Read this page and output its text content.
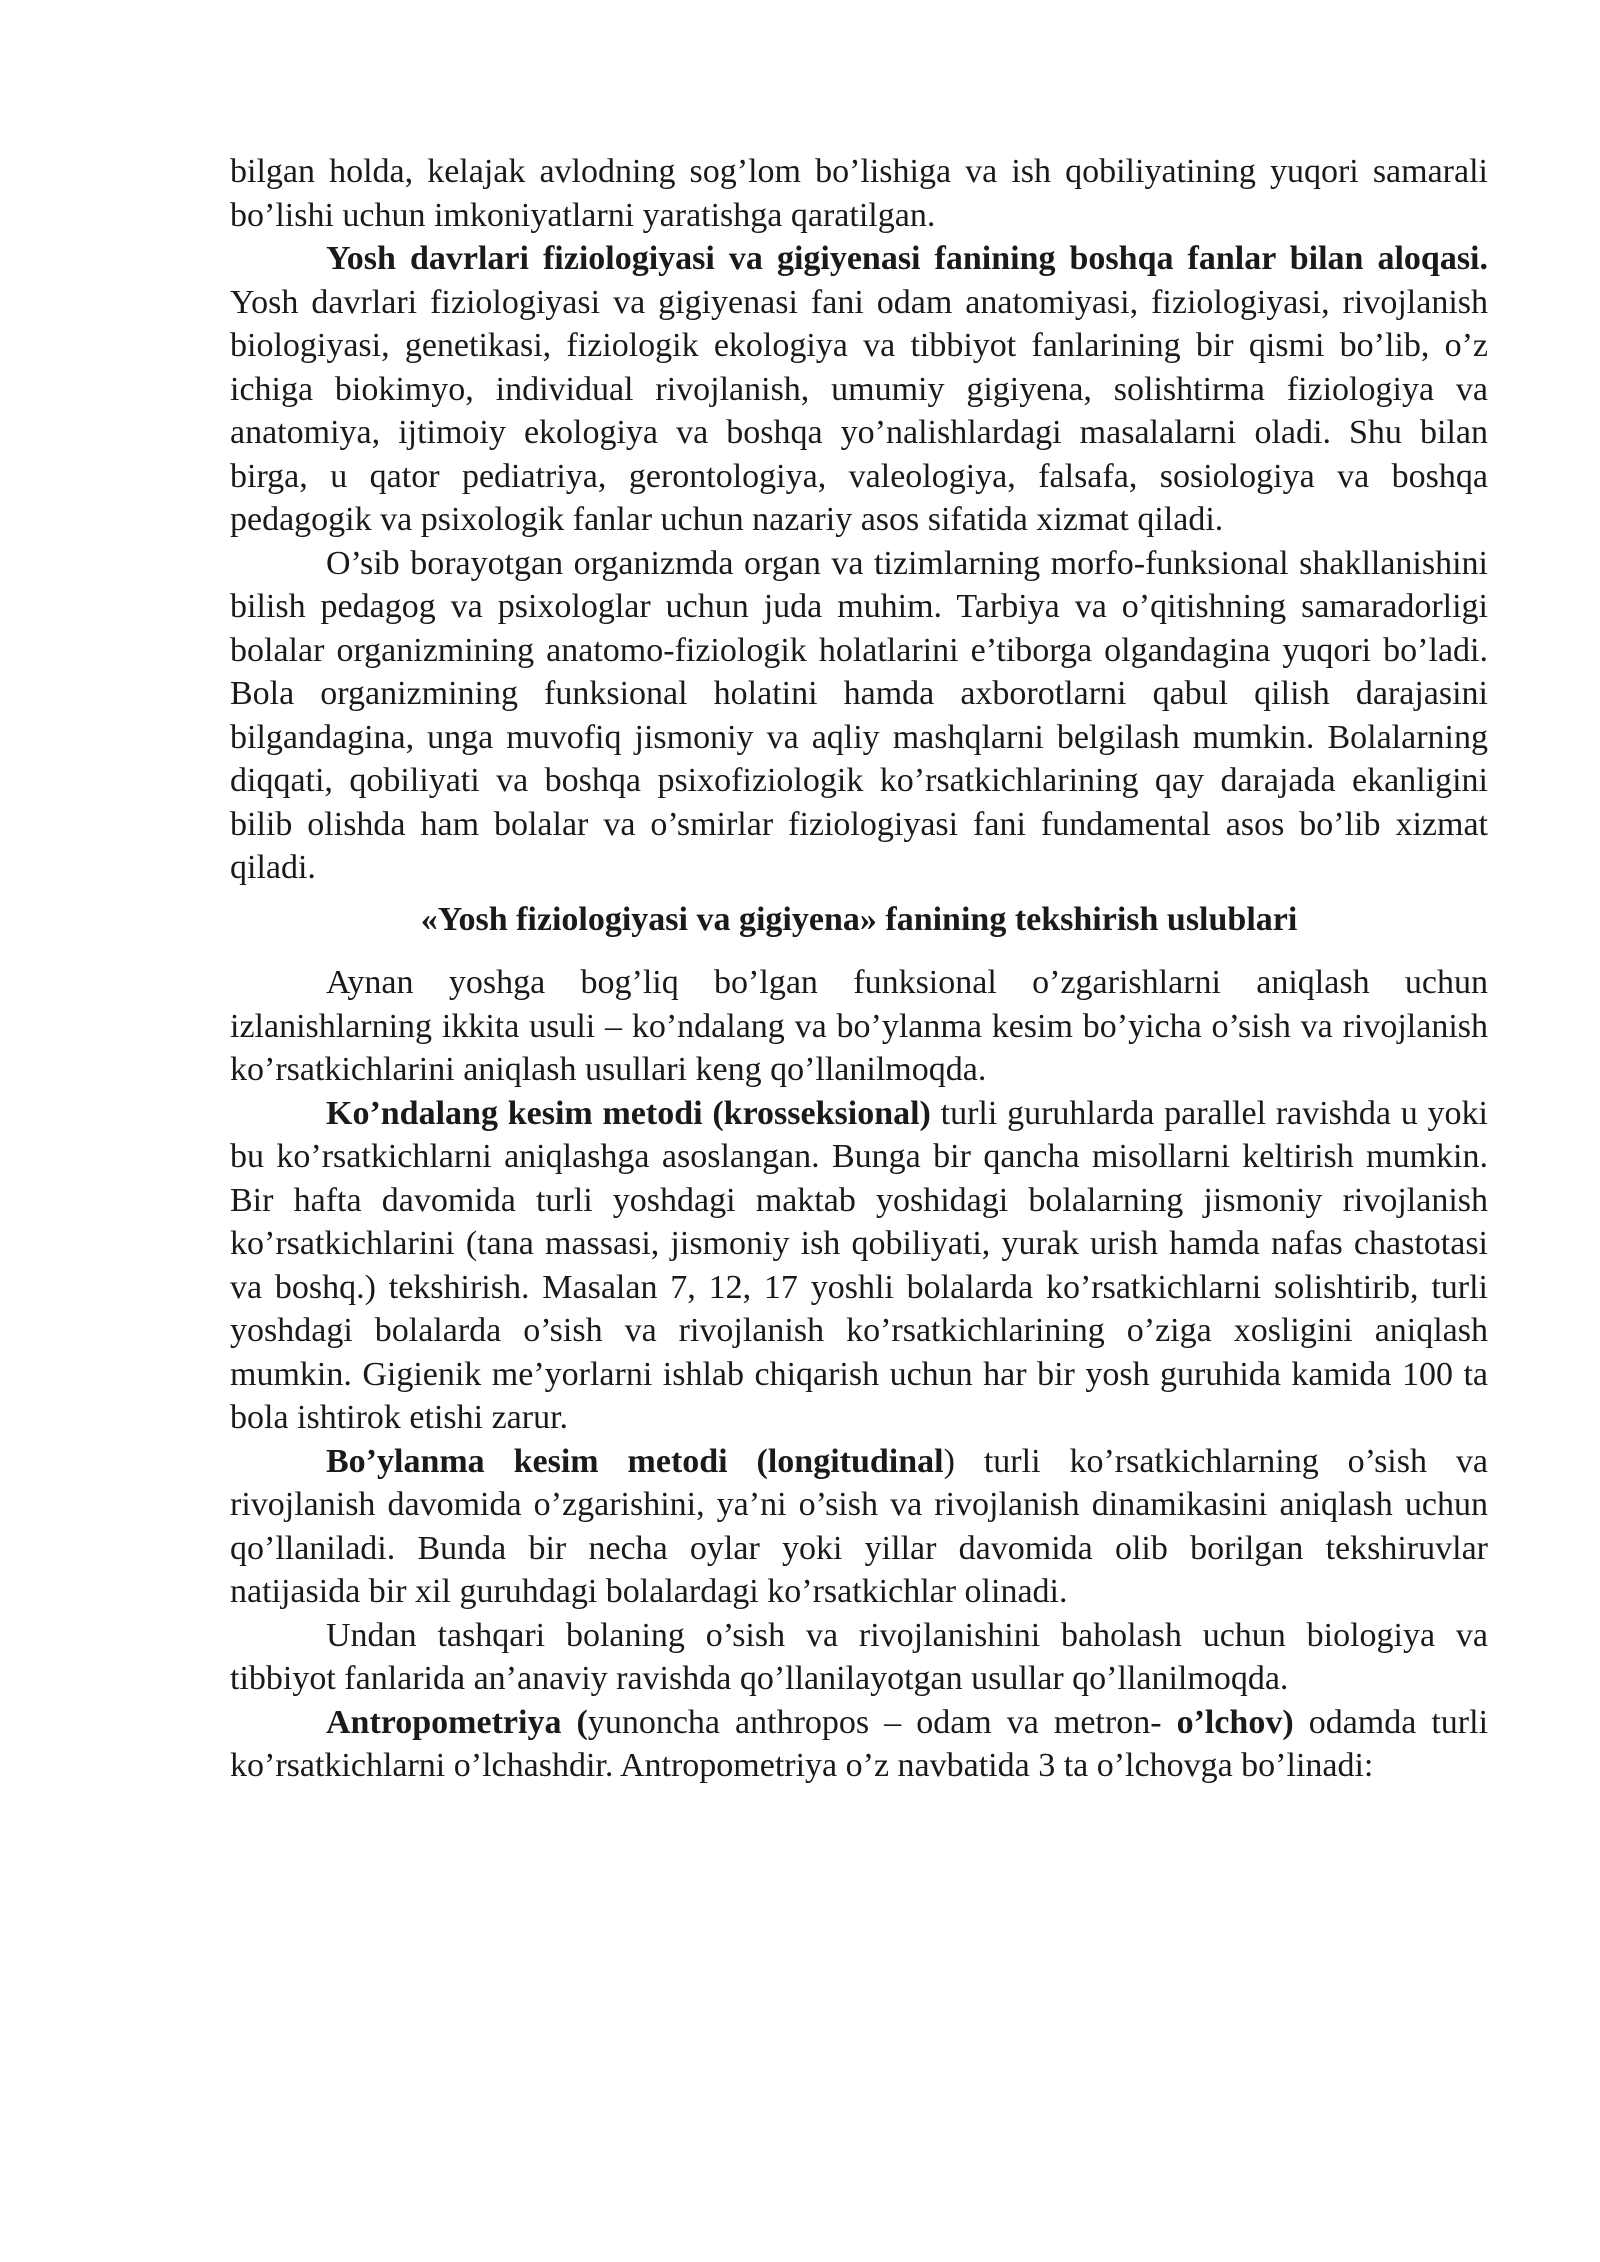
bilgan holda, kelajak avlodning sog’lom bo’lishiga va ish qobiliyatining yuqori samarali bo’lishi uchun imkoniyatlarni yaratishga qaratilgan.

Yosh davrlari fiziologiyasi va gigiyenasi fanining boshqa fanlar bilan aloqasi. Yosh davrlari fiziologiyasi va gigiyenasi fani odam anatomiyasi, fiziologiyasi, rivojlanish biologiyasi, genetikasi, fiziologik ekologiya va tibbiyot fanlarining bir qismi bo’lib, o’z ichiga biokimyo, individual rivojlanish, umumiy gigiyena, solishtirma fiziologiya va anatomiya, ijtimoiy ekologiya va boshqa yo’nalishlardagi masalalarni oladi. Shu bilan birga, u qator pediatriya, gerontologiya, valeologiya, falsafa, sosiologiya va boshqa pedagogik va psixologik fanlar uchun nazariy asos sifatida xizmat qiladi.

O’sib borayotgan organizmda organ va tizimlarning morfo-funksional shakllanishini bilish pedagog va psixologlar uchun juda muhim. Tarbiya va o’qitishning samaradorligi bolalar organizmining anatomo-fiziologik holatlarini e’tiborga olgandagina yuqori bo’ladi. Bola organizmining funksional holatini hamda axborotlarni qabul qilish darajasini bilgandagina, unga muvofiq jismoniy va aqliy mashqlarni belgilash mumkin. Bolalarning diqqati, qobiliyati va boshqa psixofiziologik ko’rsatkichlarining qay darajada ekanligini bilib olishda ham bolalar va o’smirlar fiziologiyasi fani fundamental asos bo’lib xizmat qiladi.

«Yosh fiziologiyasi va gigiyena» fanining tekshirish uslublari

Aynan yoshga bog’liq bo’lgan funksional o’zgarishlarni aniqlash uchun izlanishlarning ikkita usuli – ko’ndalang va bo’ylanma kesim bo’yicha o’sish va rivojlanish ko’rsatkichlarini aniqlash usullari keng qo’llanilmoqda.

Ko’ndalang kesim metodi (krosseksional) turli guruhlarda parallel ravishda u yoki bu ko’rsatkichlarni aniqlashga asoslangan. Bunga bir qancha misollarni keltirish mumkin. Bir hafta davomida turli yoshdagi maktab yoshidagi bolalarning jismoniy rivojlanish ko’rsatkichlarini (tana massasi, jismoniy ish qobiliyati, yurak urish hamda nafas chastotasi va boshq.) tekshirish. Masalan 7, 12, 17 yoshli bolalarda ko’rsatkichlarni solishtirib, turli yoshdagi bolalarda o’sish va rivojlanish ko’rsatkichlarining o’ziga xosligini aniqlash mumkin. Gigienik me’yorlarni ishlab chiqarish uchun har bir yosh guruhida kamida 100 ta bola ishtirok etishi zarur.

Bo’ylanma kesim metodi (longitudinal) turli ko’rsatkichlarning o’sish va rivojlanish davomida o’zgarishini, ya’ni o’sish va rivojlanish dinamikasini aniqlash uchun qo’llaniladi. Bunda bir necha oylar yoki yillar davomida olib borilgan tekshiruvlar natijasida bir xil guruhdagi bolalardagi ko’rsatkichlar olinadi.

Undan tashqari bolaning o’sish va rivojlanishini baholash uchun biologiya va tibbiyot fanlarida an’anaviy ravishda qo’llanilayotgan usullar qo’llanilmoqda.

Antropometriya (yunoncha anthropos – odam va metron- o’lchov) odamda turli ko’rsatkichlarni o’lchashdir. Antropometriya o’z navbatida 3 ta o’lchovga bo’linadi:
